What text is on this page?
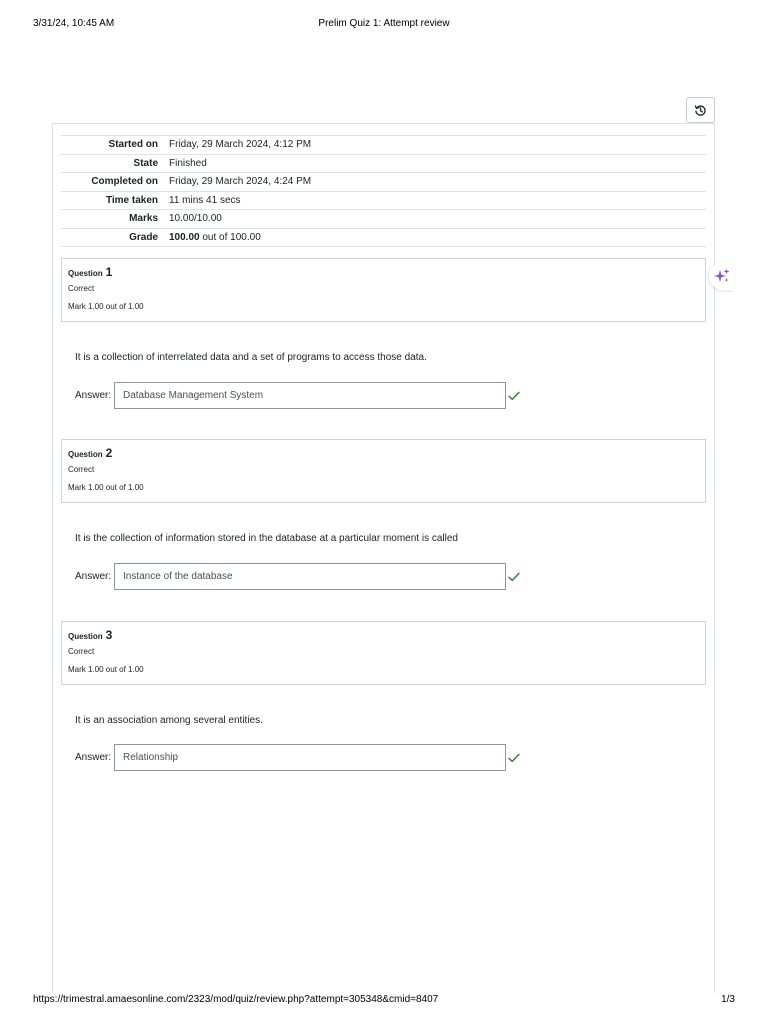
3/31/24, 10:45 AM	Prelim Quiz 1: Attempt review
Started on	Friday, 29 March 2024, 4:12 PM
State	Finished
Completed on	Friday, 29 March 2024, 4:24 PM
Time taken	11 mins 41 secs
Marks	10.00/10.00
Grade	100.00 out of 100.00
Question 1
Correct
Mark 1.00 out of 1.00
It is a collection of interrelated data and a set of programs to access those data.
Answer:
Database Management System
Question 2
Correct
Mark 1.00 out of 1.00
It is the collection of information stored in the database at a particular moment is called
Answer:
Instance of the database
Question 3
Correct
Mark 1.00 out of 1.00
It is an association among several entities.
Answer:
Relationship
https://trimestral.amaesonline.com/2323/mod/quiz/review.php?attempt=305348&cmid=8407	1/3
